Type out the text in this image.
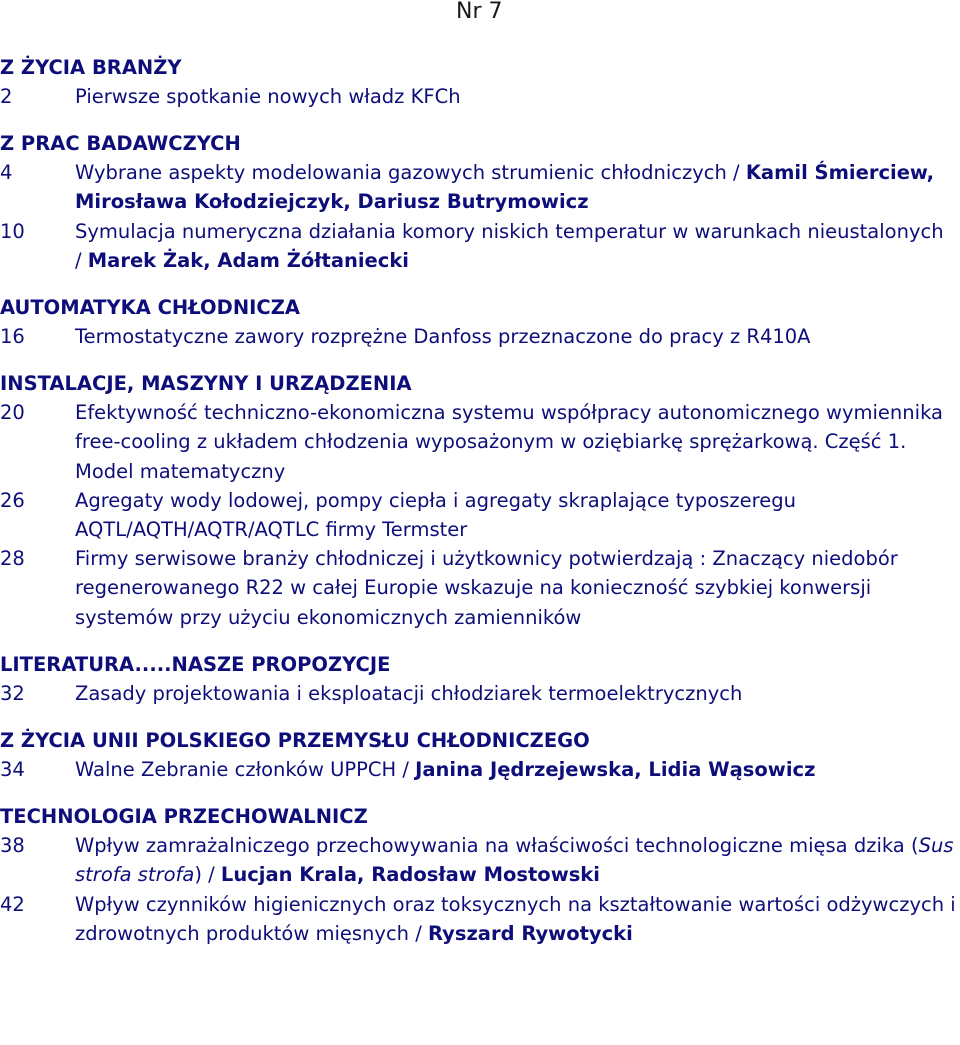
Nr 7
Z ŻYCIA BRANŻY
2	Pierwsze spotkanie nowych władz KFCh
Z PRAC BADAWCZYCH
4	Wybrane aspekty modelowania gazowych strumienic chłodniczych / Kamil Śmierciew, Mirosława Kołodziejczyk, Dariusz Butrymowicz
10	Symulacja numeryczna działania komory niskich temperatur w warunkach nieustalonych / Marek Żak, Adam Żółtaniecki
AUTOMATYKA CHŁODNICZA
16	Termostatyczne zawory rozprężne Danfoss przeznaczone do pracy z R410A
INSTALACJE, MASZYNY I URZĄDZENIA
20	Efektywność techniczno-ekonomiczna systemu współpracy autonomicznego wymiennika free-cooling z układem chłodzenia wyposażonym w oziębiarkę sprężarkową. Część 1. Model matematyczny
26	Agregaty wody lodowej, pompy ciepła i agregaty skraplające typoszeregu AQTL/AQTH/AQTR/AQTLC firmy Termster
28	Firmy serwisowe branży chłodniczej i użytkownicy potwierdzają : Znaczący niedobór regenerowanego R22 w całej Europie wskazuje na konieczność szybkiej konwersji systemów przy użyciu ekonomicznych zamienników
LITERATURA.....NASZE PROPOZYCJE
32	Zasady projektowania i eksploatacji chłodziarek termoelektrycznych
Z ŻYCIA UNII POLSKIEGO PRZEMYSŁU CHŁODNICZEGO
34	Walne Zebranie członków UPPCH / Janina Jędrzejewska, Lidia Wąsowicz
TECHNOLOGIA PRZECHOWALNICZ
38	Wpływ zamrażalniczego przechowywania na właściwości technologiczne mięsa dzika (Sus strofa strofa) / Lucjan Krala, Radosław Mostowski
42	Wpływ czynników higienicznych oraz toksycznych na kształtowanie wartości odżywczych i zdrowotnych produktów mięsnych / Ryszard Rywotycki
